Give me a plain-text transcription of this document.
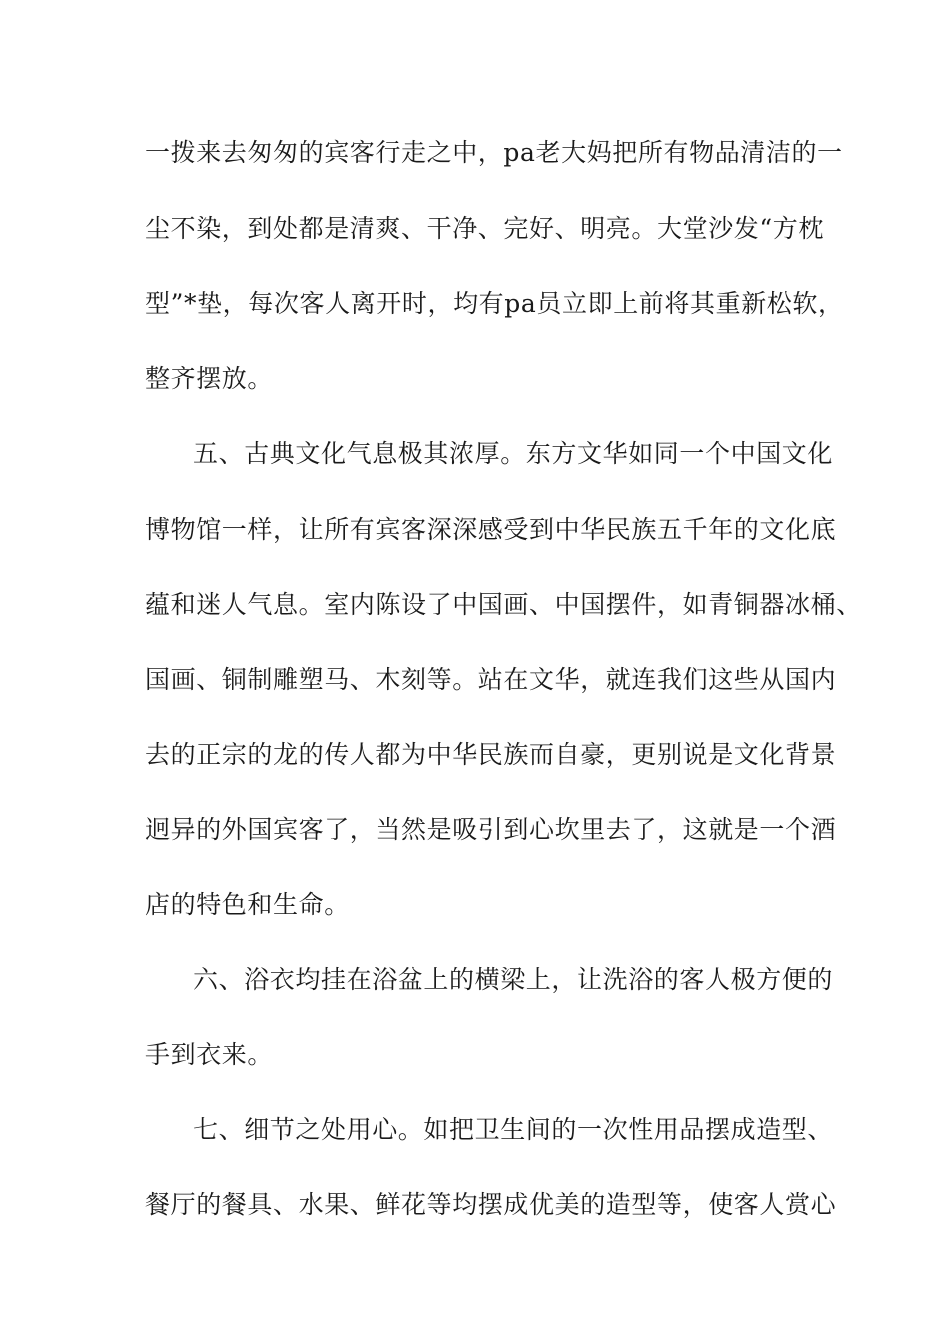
一拨来去匆匆的宾客行走之中，pa老大妈把所有物品清洁的一
尘不染，到处都是清爽、干净、完好、明亮。大堂沙发“方枕
型”*垫，每次客人离开时，均有pa员立即上前将其重新松软，
整齐摆放。
五、古典文化气息极其浓厚。东方文华如同一个中国文化
博物馆一样，让所有宾客深深感受到中华民族五千年的文化底
蕴和迷人气息。室内陈设了中国画、中国摆件，如青铜器冰桶、
国画、铜制雕塑马、木刻等。站在文华，就连我们这些从国内
去的正宗的龙的传人都为中华民族而自豪，更别说是文化背景
迥异的外国宾客了，当然是吸引到心坎里去了，这就是一个酒
店的特色和生命。
六、浴衣均挂在浴盆上的横梁上，让洗浴的客人极方便的
手到衣来。
七、细节之处用心。如把卫生间的一次性用品摆成造型、
餐厅的餐具、水果、鲜花等均摆成优美的造型等，使客人赏心
